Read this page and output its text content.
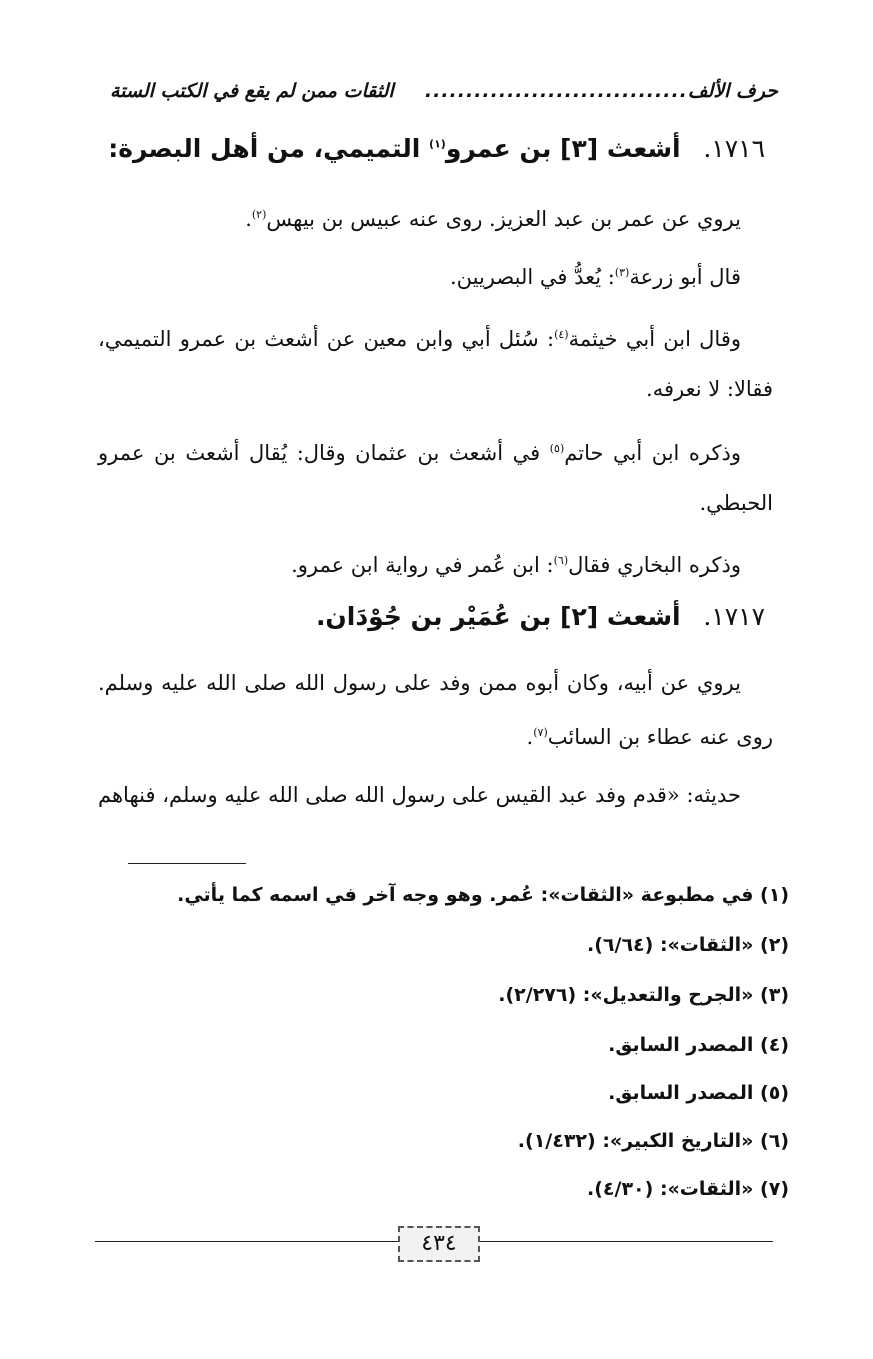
حرف الألف
................................
الثقات ممن لم يقع في الكتب الستة
١٧١٦. أشعث [٣] بن عمرو$^{(١)}$ التميمي، من أهل البصرة:
يروي عن عمر بن عبد العزيز. روى عنه عبيس بن بيهس$^{(٢)}$.
قال أبو زرعة$^{(٣)}$: يُعدُّ في البصريين.
وقال ابن أبي خيثمة$^{(٤)}$: سُئل أبي وابن معين عن أشعث بن عمرو التميمي، فقالا: لا نعرفه.
وذكره ابن أبي حاتم$^{(٥)}$ في أشعث بن عثمان وقال: يُقال أشعث بن عمرو الحبطي.
وذكره البخاري فقال$^{(٦)}$: ابن عُمر في رواية ابن عمرو.
١٧١٧. أشعث [٢] بن عُمَيْر بن جُوْدَان.
يروي عن أبيه، وكان أبوه ممن وفد على رسول الله صلى الله عليه وسلم. روى عنه عطاء بن السائب$^{(٧)}$.
حديثه: «قدم وفد عبد القيس على رسول الله صلى الله عليه وسلم، فنهاهم
(١) في مطبوعة «الثقات»: عُمر. وهو وجه آخر في اسمه كما يأتي.
(٢) «الثقات»: (٦/٦٤).
(٣) «الجرح والتعديل»: (٢/٢٧٦).
(٤) المصدر السابق.
(٥) المصدر السابق.
(٦) «التاريخ الكبير»: (١/٤٣٢).
(٧) «الثقات»: (٤/٣٠).
٤٣٤
